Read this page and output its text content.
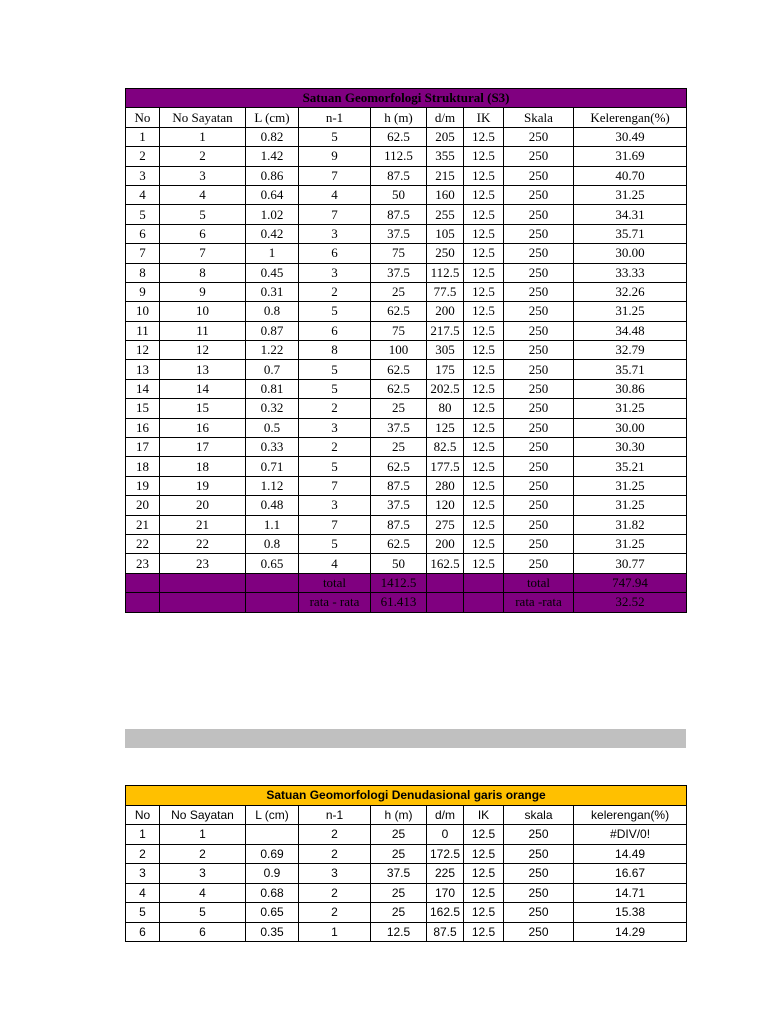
Satuan Geomorfologi Struktural (S3)								
No	No Sayatan	L (cm)	n-1	h (m)	d/m	IK	Skala	Kelerengan(%)
1	1	0.82	5	62.5	205	12.5	250	30.49
2	2	1.42	9	112.5	355	12.5	250	31.69
3	3	0.86	7	87.5	215	12.5	250	40.70
4	4	0.64	4	50	160	12.5	250	31.25
5	5	1.02	7	87.5	255	12.5	250	34.31
6	6	0.42	3	37.5	105	12.5	250	35.71
7	7	1	6	75	250	12.5	250	30.00
8	8	0.45	3	37.5	112.5	12.5	250	33.33
9	9	0.31	2	25	77.5	12.5	250	32.26
10	10	0.8	5	62.5	200	12.5	250	31.25
11	11	0.87	6	75	217.5	12.5	250	34.48
12	12	1.22	8	100	305	12.5	250	32.79
13	13	0.7	5	62.5	175	12.5	250	35.71
14	14	0.81	5	62.5	202.5	12.5	250	30.86
15	15	0.32	2	25	80	12.5	250	31.25
16	16	0.5	3	37.5	125	12.5	250	30.00
17	17	0.33	2	25	82.5	12.5	250	30.30
18	18	0.71	5	62.5	177.5	12.5	250	35.21
19	19	1.12	7	87.5	280	12.5	250	31.25
20	20	0.48	3	37.5	120	12.5	250	31.25
21	21	1.1	7	87.5	275	12.5	250	31.82
22	22	0.8	5	62.5	200	12.5	250	31.25
23	23	0.65	4	50	162.5	12.5	250	30.77
			total	1412.5			total	747.94
			rata - rata	61.413			rata -rata	32.52
Satuan Geomorfologi Denudasional garis orange								
No	No Sayatan	L (cm)	n-1	h (m)	d/m	IK	skala	kelerengan(%)
1	1		2	25	0	12.5	250	#DIV/0!
2	2	0.69	2	25	172.5	12.5	250	14.49
3	3	0.9	3	37.5	225	12.5	250	16.67
4	4	0.68	2	25	170	12.5	250	14.71
5	5	0.65	2	25	162.5	12.5	250	15.38
6	6	0.35	1	12.5	87.5	12.5	250	14.29
